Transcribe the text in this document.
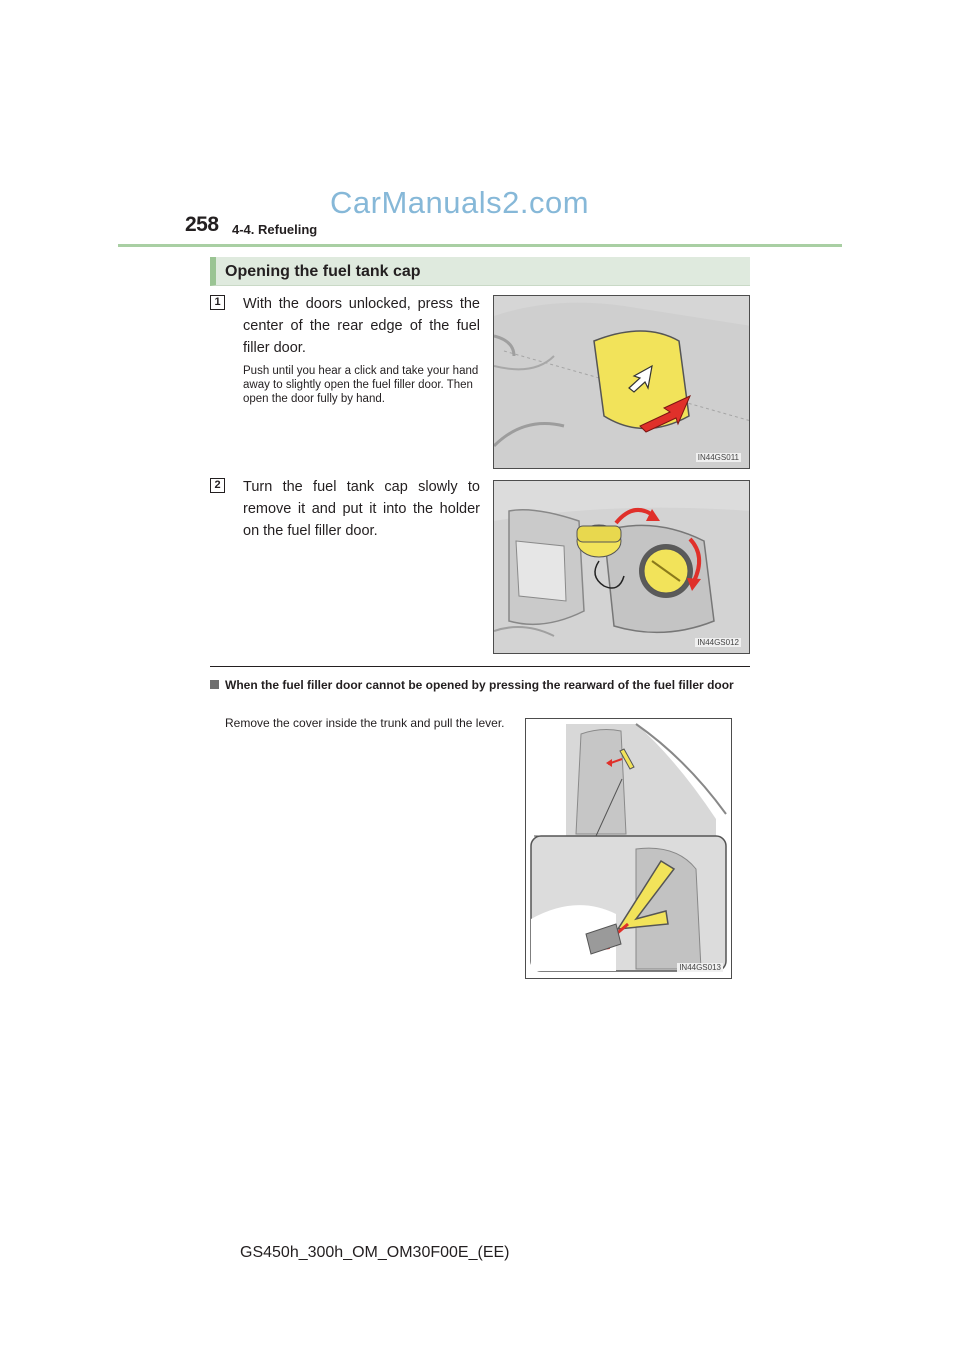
258 4-4. Refueling
CarManuals2.com
Opening the fuel tank cap
1	With the doors unlocked, press the center of the rear edge of the fuel filler door.
Push until you hear a click and take your hand away to slightly open the fuel filler door. Then open the door fully by hand.
IN44GS011
2	Turn the fuel tank cap slowly to remove it and put it into the holder on the fuel filler door.
IN44GS012
When the fuel filler door cannot be opened by pressing the rearward of the fuel filler door
Remove the cover inside the trunk and pull the lever.
IN44GS013
GS450h_300h_OM_OM30F00E_(EE)
